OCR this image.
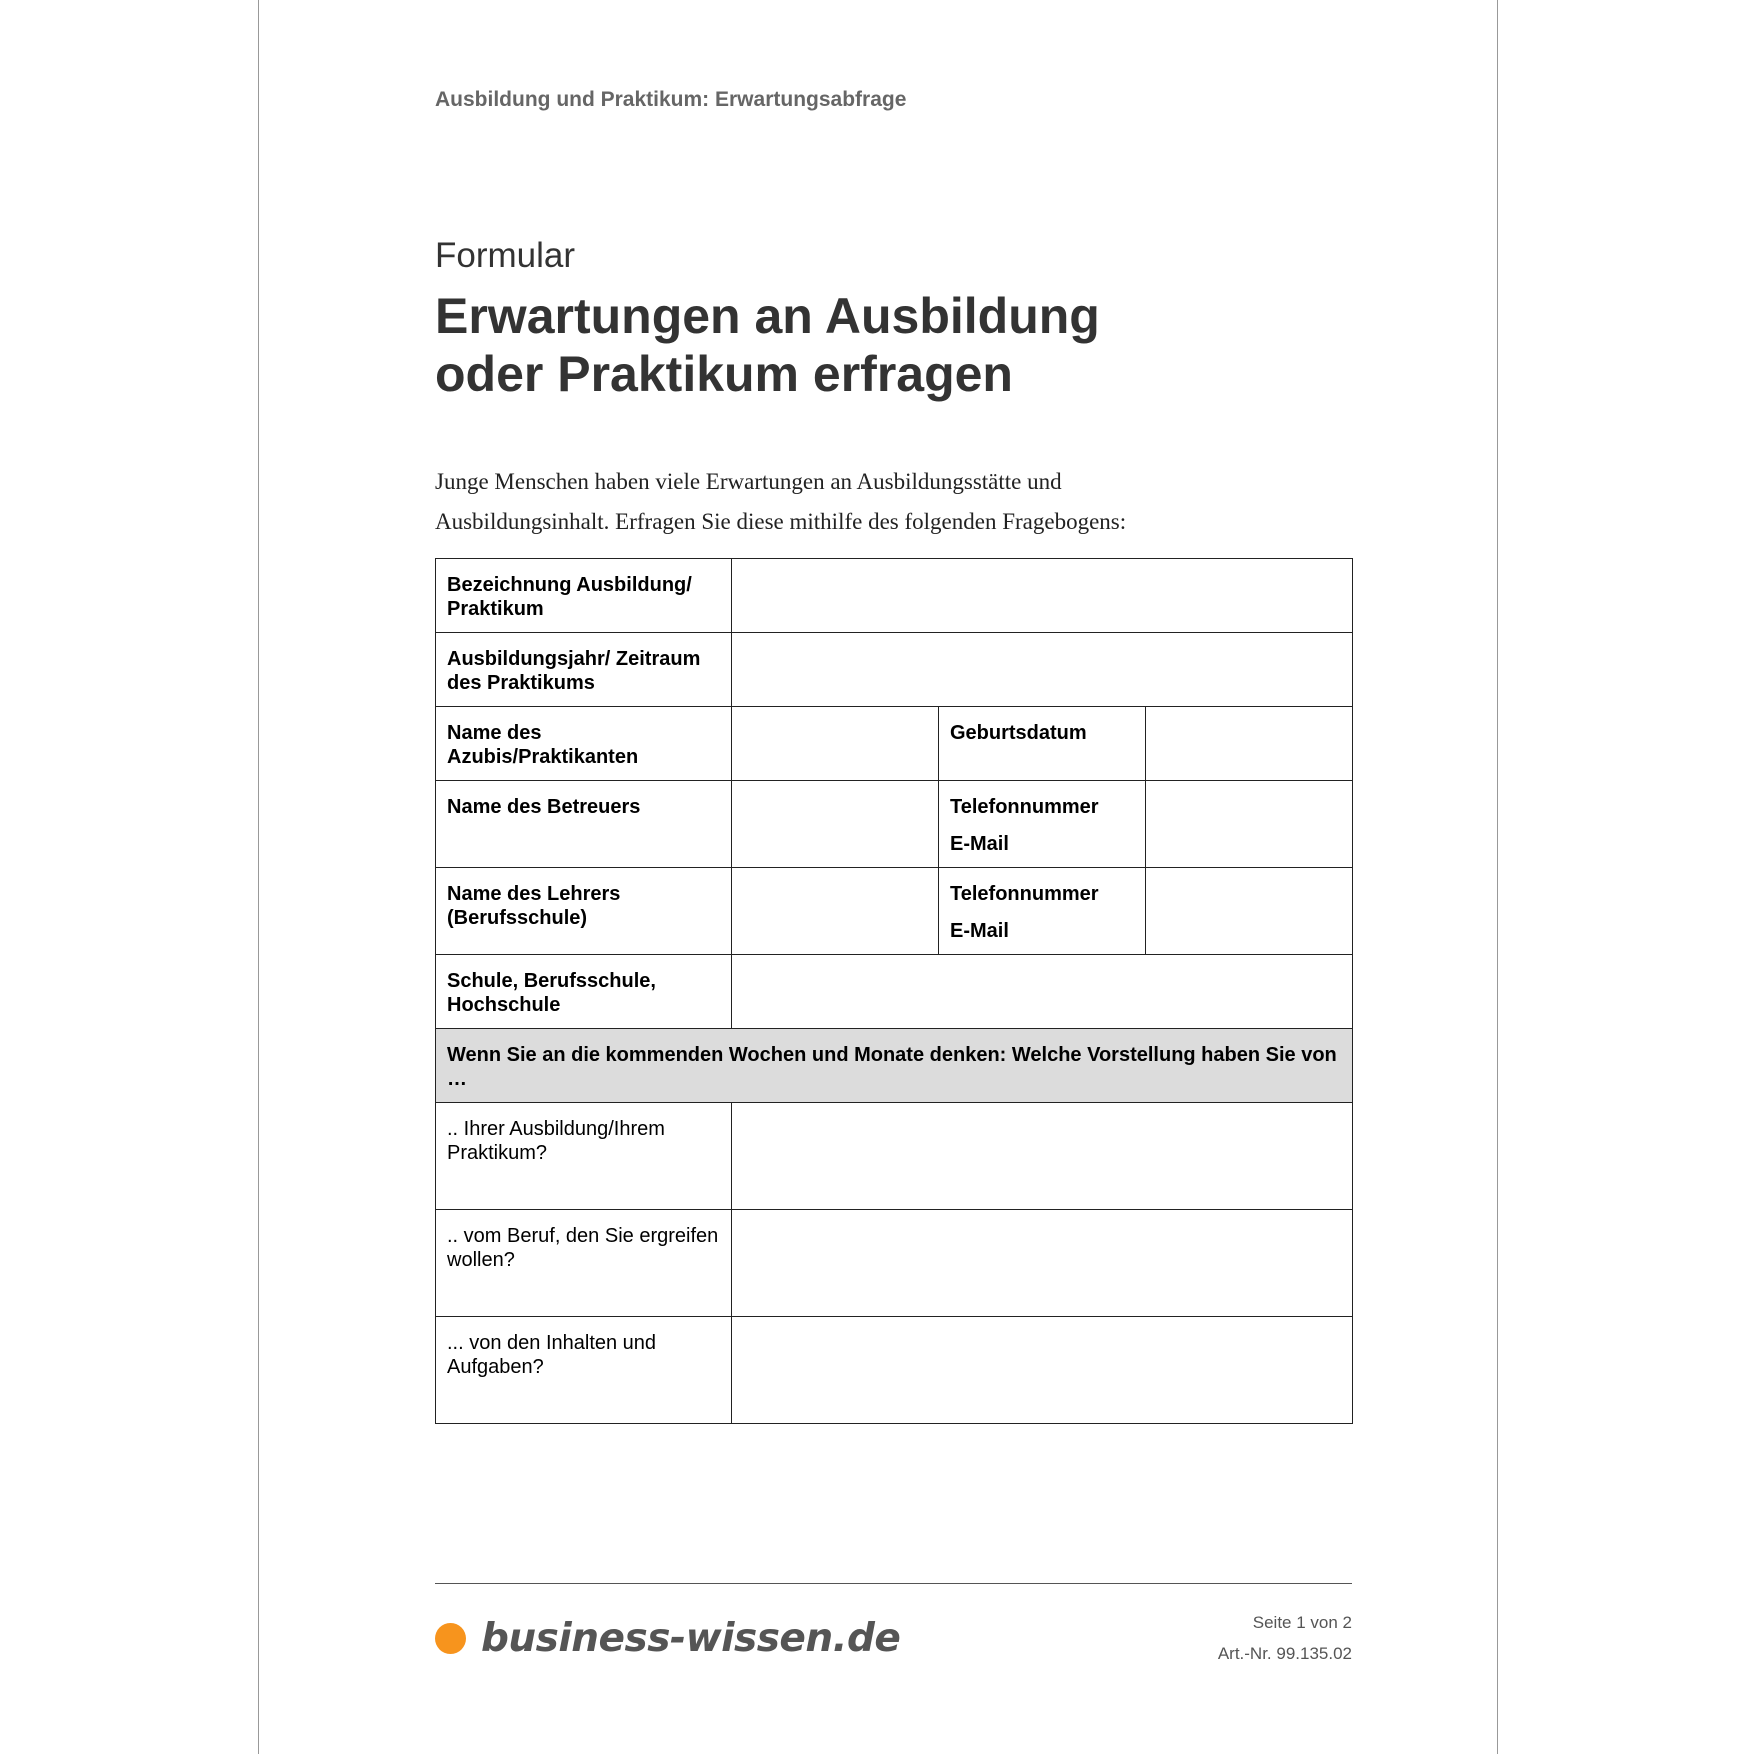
Ausbildung und Praktikum: Erwartungsabfrage
Formular
Erwartungen an Ausbildung
oder Praktikum erfragen
Junge Menschen haben viele Erwartungen an Ausbildungsstätte und
Ausbildungsinhalt. Erfragen Sie diese mithilfe des folgenden Fragebogens:
Bezeichnung Ausbildung/ Praktikum			
Ausbildungsjahr/ Zeitraum des Praktikums			
Name des Azubis/Praktikanten		Geburtsdatum	
Name des Betreuers		Telefonnummer
E-Mail	

Name des Lehrers (Berufsschule)		Telefonnummer
E-Mail	

Schule, Berufsschule, Hochschule			
Wenn Sie an die kommenden Wochen und Monate denken: Welche Vorstellung haben Sie von …			
.. Ihrer Ausbildung/Ihrem Praktikum?			
.. vom Beruf, den Sie ergreifen wollen?			
... von den Inhalten und Aufgaben?			
business-wissen.de	Seite 1 von 2
Art.-Nr. 99.135.02
